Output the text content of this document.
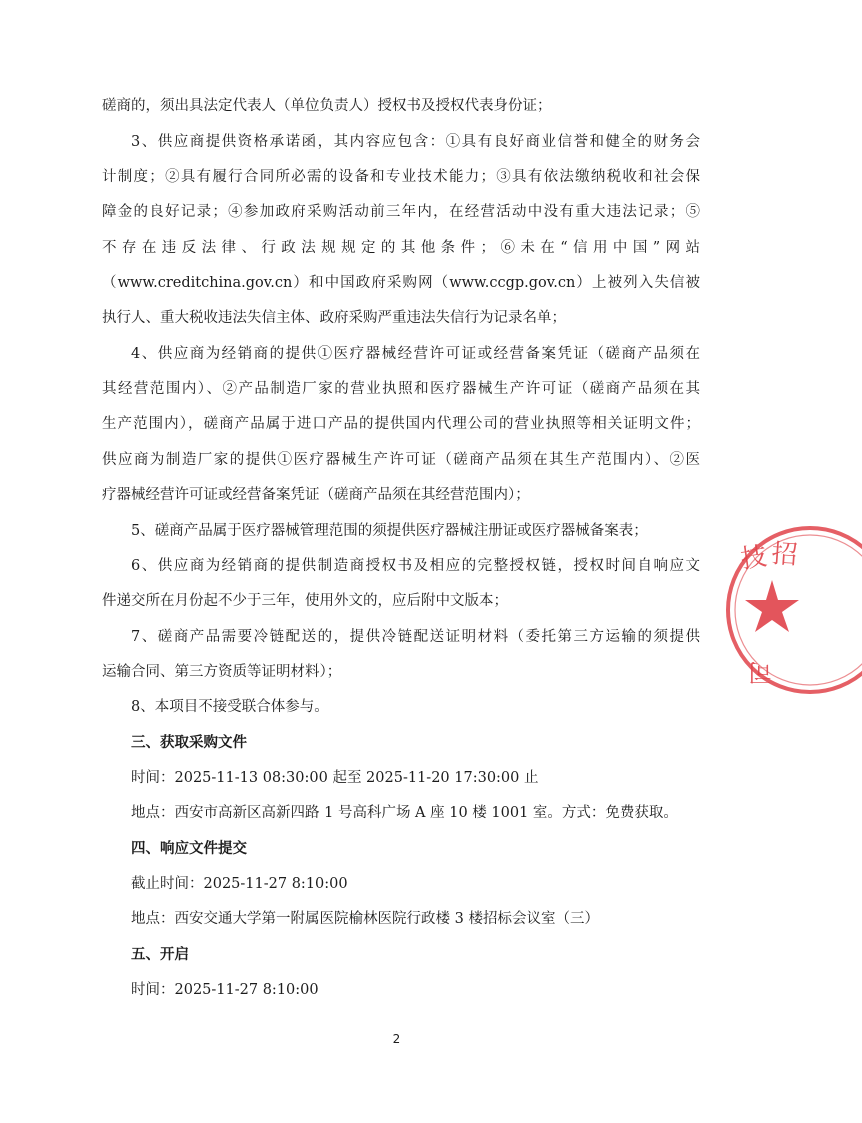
磋商的，须出具法定代表人（单位负责人）授权书及授权代表身份证；
3、供应商提供资格承诺函，其内容应包含：①具有良好商业信誉和健全的财务会
计制度；②具有履行合同所必需的设备和专业技术能力；③具有依法缴纳税收和社会保
障金的良好记录；④参加政府采购活动前三年内，在经营活动中没有重大违法记录；⑤
不存在违反法律、行政法规规定的其他条件；⑥未在“信用中国”网站
（www.creditchina.gov.cn）和中国政府采购网（www.ccgp.gov.cn）上被列入失信被
执行人、重大税收违法失信主体、政府采购严重违法失信行为记录名单；
4、供应商为经销商的提供①医疗器械经营许可证或经营备案凭证（磋商产品须在
其经营范围内）、②产品制造厂家的营业执照和医疗器械生产许可证（磋商产品须在其
生产范围内），磋商产品属于进口产品的提供国内代理公司的营业执照等相关证明文件；
供应商为制造厂家的提供①医疗器械生产许可证（磋商产品须在其生产范围内）、②医
疗器械经营许可证或经营备案凭证（磋商产品须在其经营范围内）；
5、磋商产品属于医疗器械管理范围的须提供医疗器械注册证或医疗器械备案表；
6、供应商为经销商的提供制造商授权书及相应的完整授权链，授权时间自响应文
件递交所在月份起不少于三年，使用外文的，应后附中文版本；
7、磋商产品需要冷链配送的，提供冷链配送证明材料（委托第三方运输的须提供
运输合同、第三方资质等证明材料）；
8、本项目不接受联合体参与。
三、获取采购文件
时间：2025-11-13 08:30:00 起至 2025-11-20 17:30:00 止
地点：西安市高新区高新四路 1 号高科广场 A 座 10 楼 1001 室。方式：免费获取。
四、响应文件提交
截止时间：2025-11-27 8:10:00
地点：西安交通大学第一附属医院榆林医院行政楼 3 楼招标会议室（三）
五、开启
时间：2025-11-27 8:10:00
2
技 招
司
